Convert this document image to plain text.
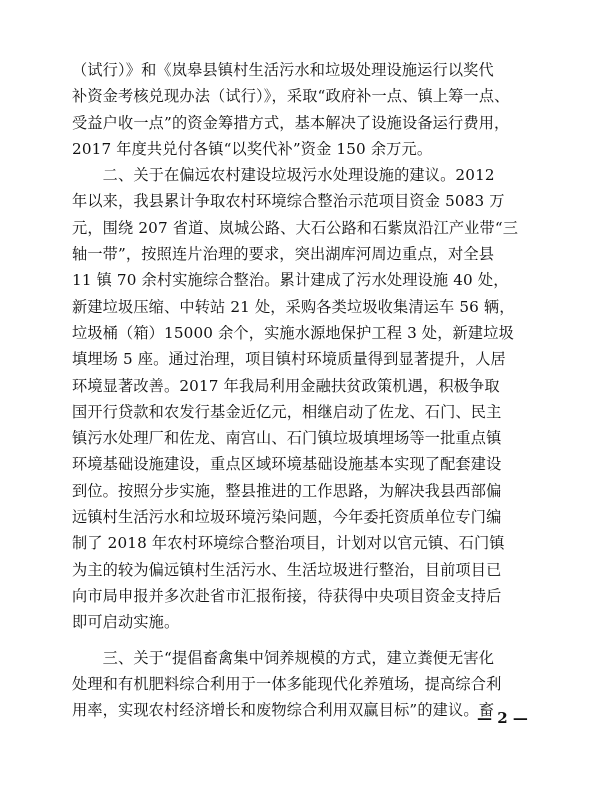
（试行）》和《岚皋县镇村生活污水和垃圾处理设施运行以奖代
补资金考核兑现办法（试行）》，采取“政府补一点、镇上筹一点、
受益户收一点”的资金筹措方式，基本解决了设施设备运行费用，
2017 年度共兑付各镇“以奖代补”资金 150 余万元。
　　二、关于在偏远农村建设垃圾污水处理设施的建议。2012
年以来，我县累计争取农村环境综合整治示范项目资金 5083 万
元，围绕 207 省道、岚城公路、大石公路和石紫岚沿江产业带“三
轴一带”，按照连片治理的要求，突出湖库河周边重点，对全县
11 镇 70 余村实施综合整治。累计建成了污水处理设施 40 处，
新建垃圾压缩、中转站 21 处，采购各类垃圾收集清运车 56 辆，
垃圾桶（箱）15000 余个，实施水源地保护工程 3 处，新建垃圾
填埋场 5 座。通过治理，项目镇村环境质量得到显著提升，人居
环境显著改善。2017 年我局利用金融扶贫政策机遇，积极争取
国开行贷款和农发行基金近亿元，相继启动了佐龙、石门、民主
镇污水处理厂和佐龙、南宫山、石门镇垃圾填埋场等一批重点镇
环境基础设施建设，重点区域环境基础设施基本实现了配套建设
到位。按照分步实施，整县推进的工作思路，为解决我县西部偏
远镇村生活污水和垃圾环境污染问题，今年委托资质单位专门编
制了 2018 年农村环境综合整治项目，计划对以官元镇、石门镇
为主的较为偏远镇村生活污水、生活垃圾进行整治，目前项目已
向市局申报并多次赴省市汇报衔接，待获得中央项目资金支持后
即可启动实施。
　　三、关于“提倡畜禽集中饲养规模的方式，建立粪便无害化
处理和有机肥料综合利用于一体多能现代化养殖场，提高综合利
用率，实现农村经济增长和废物综合利用双赢目标”的建议。畜
— 2 —
